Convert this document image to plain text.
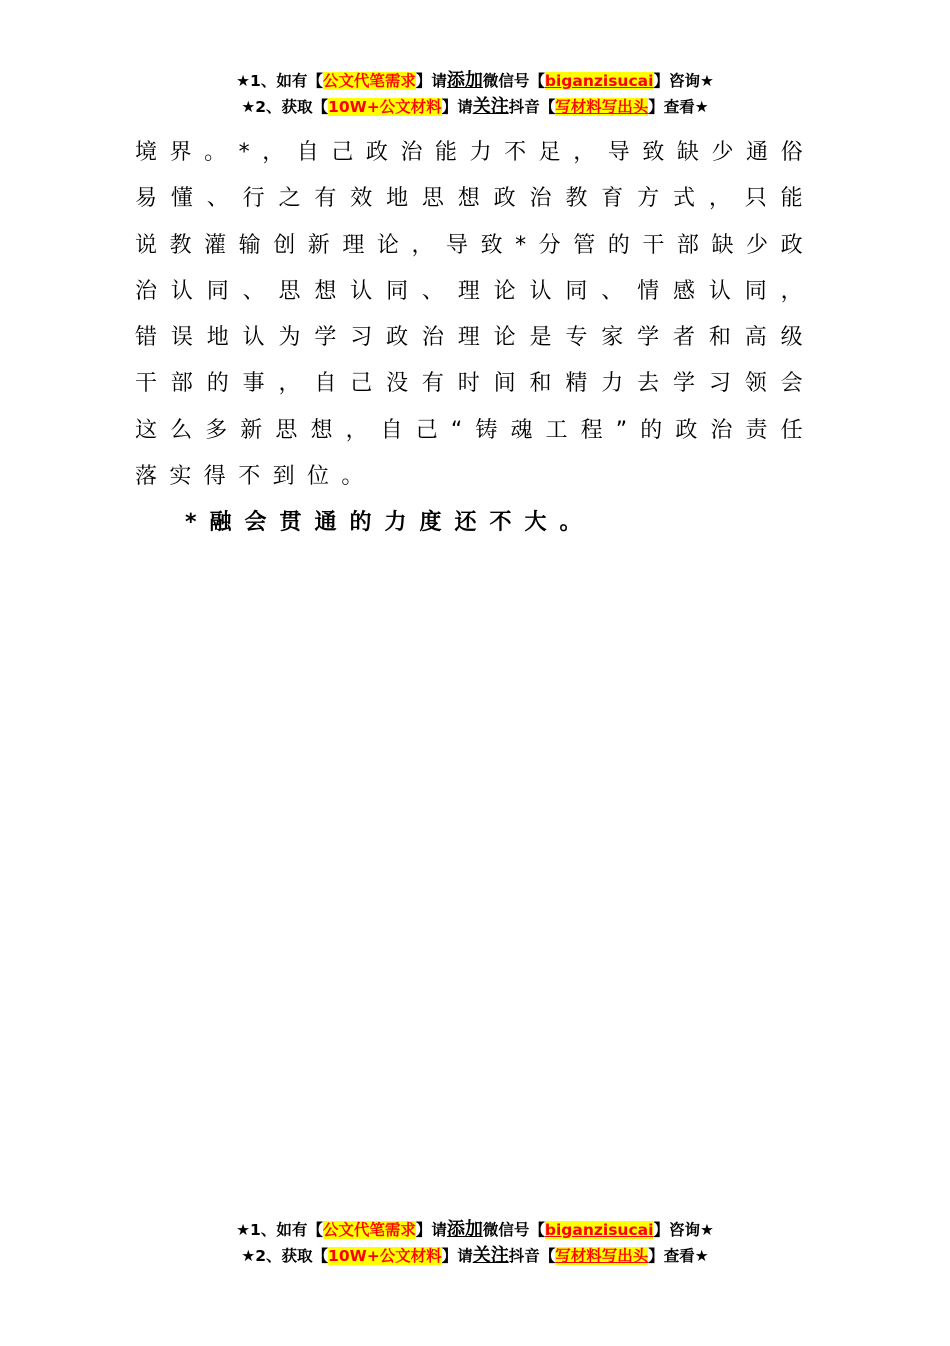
★1、如有【公文代笔需求】请添加微信号【biganzisucai】咨询★
★2、获取【10W+公文材料】请关注抖音【写材料写出头】查看★

境界。*，自己政治能力不足，导致缺少通俗易懂、行之有效地思想政治教育方式，只能说教灌输创新理论，导致*分管的干部缺少政治认同、思想认同、理论认同、情感认同，错误地认为学习政治理论是专家学者和高级干部的事，自己没有时间和精力去学习领会这么多新思想，自己“铸魂工程”的政治责任落实得不到位。

*融会贯通的力度还不大。

★1、如有【公文代笔需求】请添加微信号【biganzisucai】咨询★
★2、获取【10W+公文材料】请关注抖音【写材料写出头】查看★
